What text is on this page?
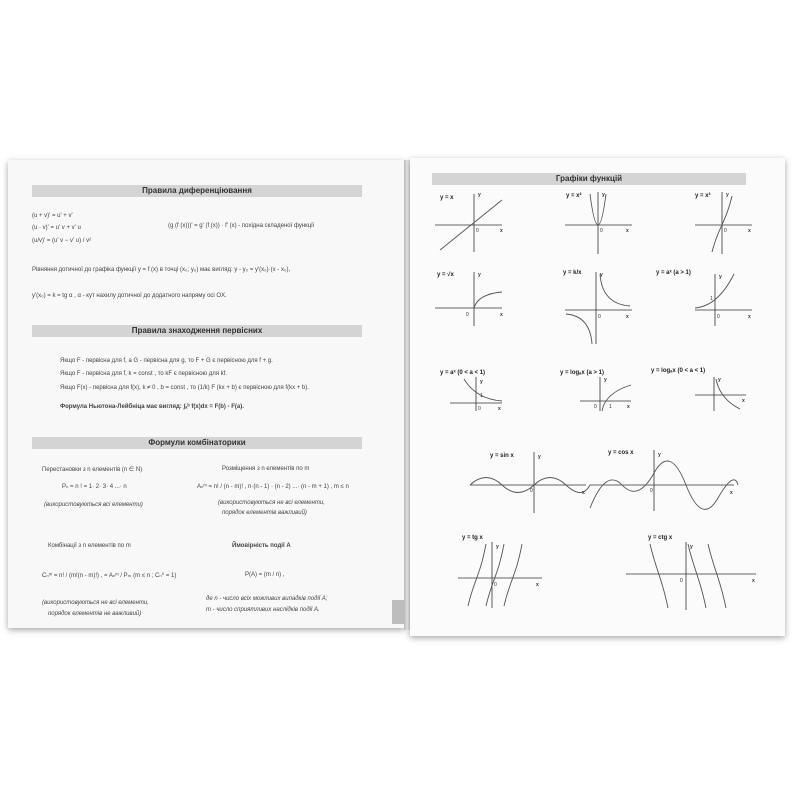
Правила диференціювання
(u + v)' = u' + v'
(u · v)' = u' v + v' u
(u/v)' = (u' v − v' u) / v²
(g (f (x)))' = g' (f (x)) · f' (x) - похідна складеної функції
Рівняння дотичної до графіка функції y = f (x) в точці (x₀; y₀) має вигляд: y - y₀ = y'(x₀)·(x - x₀),
y'(x₀) = k = tg α , α - кут нахилу дотичної до додатного напряму осі OX.
Правила знаходження первісних
Якщо F - первісна для f, а G - первісна для g, то F + G є первісною для f + g.
Якщо F - первісна для f, k = const , то kF є первісною для kf.
Якщо F(x) - первісна для f(x), k ≠ 0 , b = const , то (1/k) F (kx + b) є первісною для f(kx + b).
Формула Ньютона-Лейбніца має вигляд: ∫ₐᵇ f(x)dx = F(b) - F(a).
Формули комбінаторики
Перестановки з n елементів (n ∈ N)
Pₙ = n ! = 1· 2· 3· 4 ...· n
(використовуються всі елементи)
Розміщення з n елементів по m
Aₙᵐ = n! / (n - m)! , n·(n - 1) · (n - 2) ...· (n - m + 1) , m ≤ n
(використовуються не всі елементи,
порядок елементів важливий)
Комбінації з n елементів по m
Cₙᵐ = n! / (m!(n - m)!) , = Aₙᵐ / Pₘ (m ≤ n ; Cₙ⁰ = 1)
(використовуються не всі елементи,
порядок елементів не важливий)
Ймовірність події А
P(A) = (m / n) ,
де n - число всіх можливих випадків події A;
m - число сприятливих наслідків події A.
Графіки функцій
y = x	y
x
0
y = x²	y
x
0
y = x³	y
x
0
y = √x	y
x
0
y = k/x	y
x
0
y = aˣ (a > 1)
y
x
0
1
y = aˣ (0 < a < 1)
y
x
0
1
y = logₐx (a > 1)
y
x
0 1
y = logₐx (0 < a < 1)
y
x
y = sin x	y
x
0
y = cos x	y
x
0
y = tg x
y
x
0
y = ctg x
y
x
0
